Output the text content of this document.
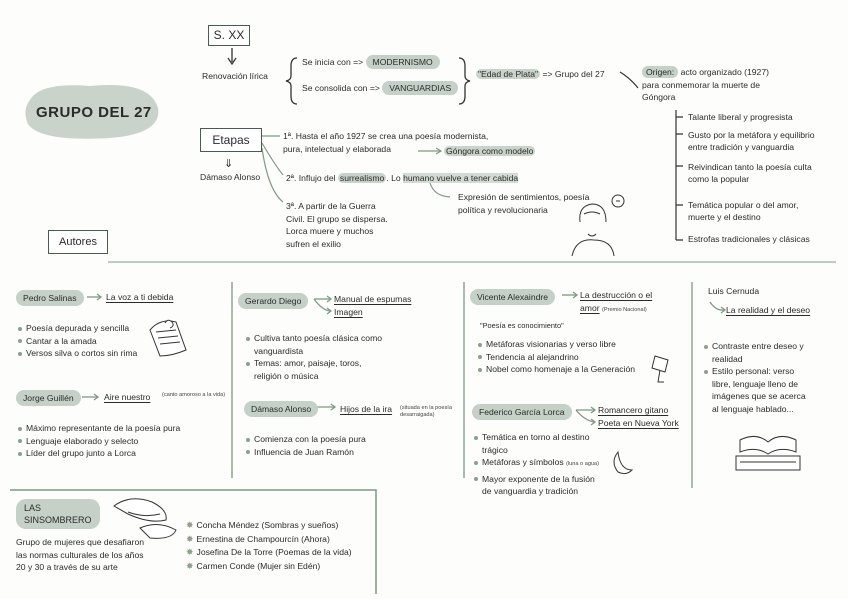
GRUPO DEL 27
S. XX
Renovación lírica
Se inicia con => MODERNISMO
Se consolida con => VANGUARDIAS
"Edad de Plata" => Grupo del 27	Origen: acto organizado (1927)
para conmemorar la muerte de
Góngora
Etapas
⇓
Dámaso Alonso
1ª. Hasta el año 1927 se crea una poesía modernista,
pura, intelectual y elaborada	Góngora como modelo
2ª. Influjo del surrealismo . Lo humano vuelve a tener cabida
Expresión de sentimientos, poesía
política y revolucionaria
3ª. A partir de la Guerra
Civil. El grupo se dispersa.
Lorca muere y muchos
sufren el exilio
Talante liberal y progresista
Gusto por la metáfora y equilibrio
entre tradición y vanguardia
Reivindican tanto la poesía culta
como la popular
Temática popular o del amor,
muerte y el destino
Estrofas tradicionales y clásicas
Autores
Pedro Salinas	La voz a ti debida
Poesía depurada y sencilla
Cantar a la amada
Versos silva o cortos sin rima
Jorge Guillén	Aire nuestro (canto amoroso a la vida)
Máximo representante de la poesía pura
Lenguaje elaborado y selecto
Líder del grupo junto a Lorca
Gerardo Diego	Manual de espumas
Imagen
Cultiva tanto poesía clásica como
vanguardista
Temas: amor, paisaje, toros,
religión o música
Dámaso Alonso	Hijos de la ira (situada en la poesía desarraigada)
Comienza con la poesía pura
Influencia de Juan Ramón
Vicente Alexaindre	La destrucción o el
amor (Premio Nacional)
"Poesía es conocimiento"
Metáforas visionarias y verso libre
Tendencia al alejandrino
Nobel como homenaje a la Generación
Federico García Lorca	Romancero gitano
Poeta en Nueva York
Temática en torno al destino
trágico
Metáforas y símbolos (luna o agua)
Mayor exponente de la fusión
de vanguardia y tradición
Luis Cernuda
La realidad y el deseo
Contraste entre deseo y
realidad
Estilo personal: verso
libre, lenguaje lleno de
imágenes que se acerca
al lenguaje hablado...
LAS
SINSOMBRERO
Grupo de mujeres que desafiaron
las normas culturales de los años
20 y 30 a través de su arte
✸ Concha Méndez (Sombras y sueños)
✸ Ernestina de Champourcín (Ahora)
✸ Josefina De la Torre (Poemas de la vida)
✸ Carmen Conde (Mujer sin Edén)
